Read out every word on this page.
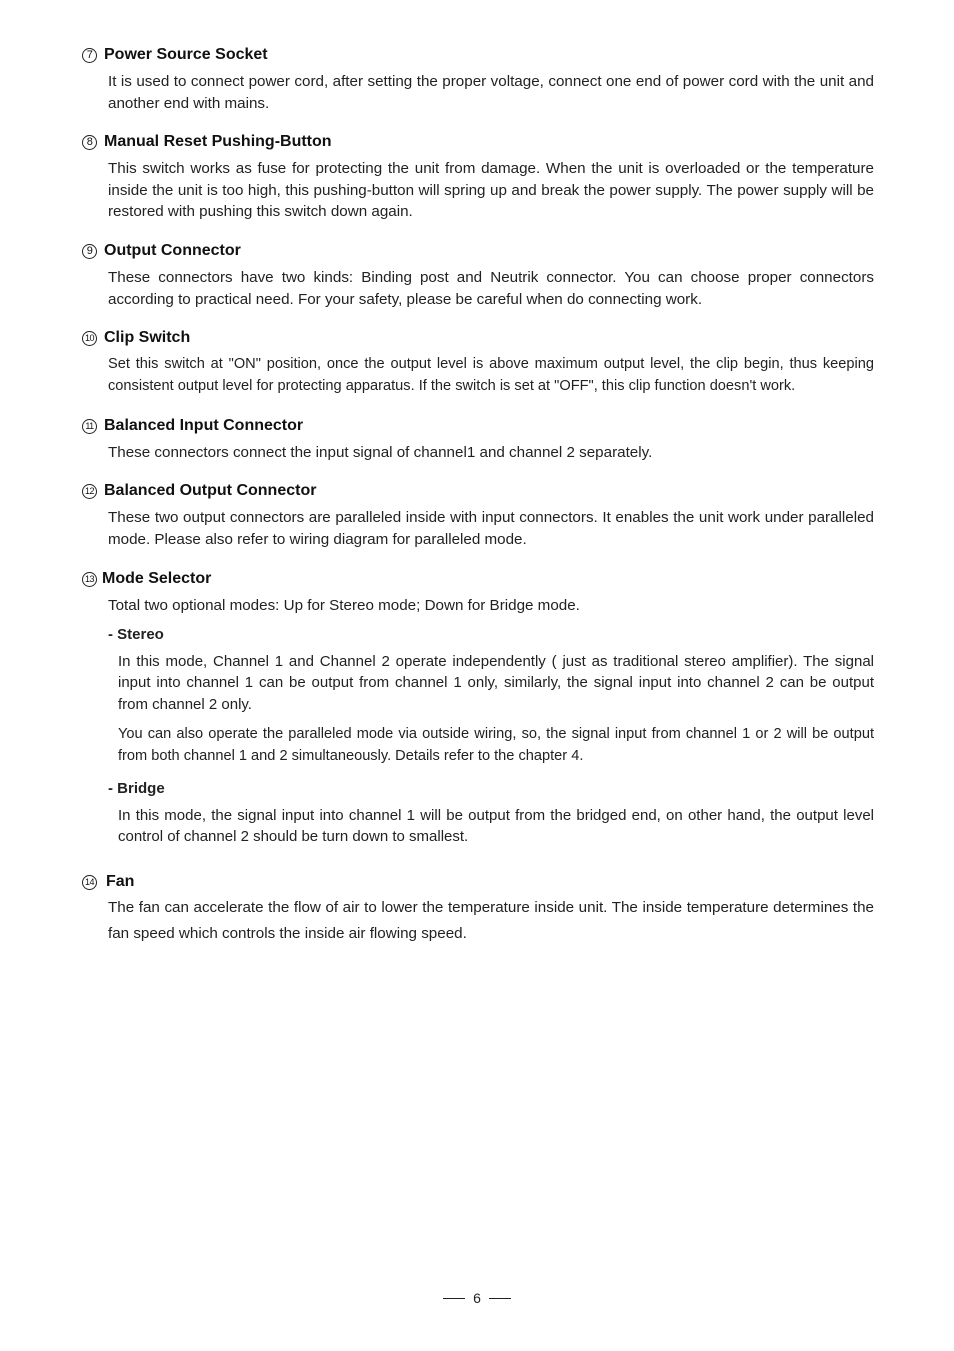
7 Power Source Socket
It is used to connect power cord, after setting the proper voltage, connect one end of power cord with the unit and another end with mains.
8 Manual Reset Pushing-Button
This switch works as fuse for protecting the unit from damage. When the unit is overloaded or the temperature inside the unit is too high, this pushing-button will spring up and break the power supply. The power supply will be restored with pushing this switch down again.
9 Output Connector
These connectors have two kinds: Binding post and Neutrik connector. You can choose proper connectors according to practical need. For your safety, please be careful when do connecting work.
10 Clip Switch
Set this switch at "ON" position, once the output level is above maximum output level, the clip begin, thus keeping consistent output level for protecting apparatus. If the switch is set at "OFF", this clip function doesn't work.
11 Balanced Input Connector
These connectors connect the input signal of channel1 and channel 2 separately.
12 Balanced Output Connector
These two output connectors are paralleled inside with input connectors. It enables the unit work under paralleled mode. Please also refer to wiring diagram for paralleled mode.
13 Mode Selector
Total two optional modes: Up for Stereo mode; Down for Bridge mode.
- Stereo
In this mode, Channel 1 and Channel 2 operate independently ( just as traditional stereo amplifier). The signal input into channel 1 can be output from channel 1 only, similarly, the signal input into channel 2 can be output from channel 2 only.
You can also operate the paralleled mode via outside wiring, so, the signal input from channel 1 or 2 will be output from both channel 1 and 2 simultaneously. Details refer to the chapter 4.
- Bridge
In this mode, the signal input into channel 1 will be output from the bridged end, on other hand, the output level control of channel 2 should be turn down to smallest.
14 Fan
The fan can accelerate the flow of air to lower the temperature inside unit. The inside temperature determines the fan speed which controls the inside air flowing speed.
6
